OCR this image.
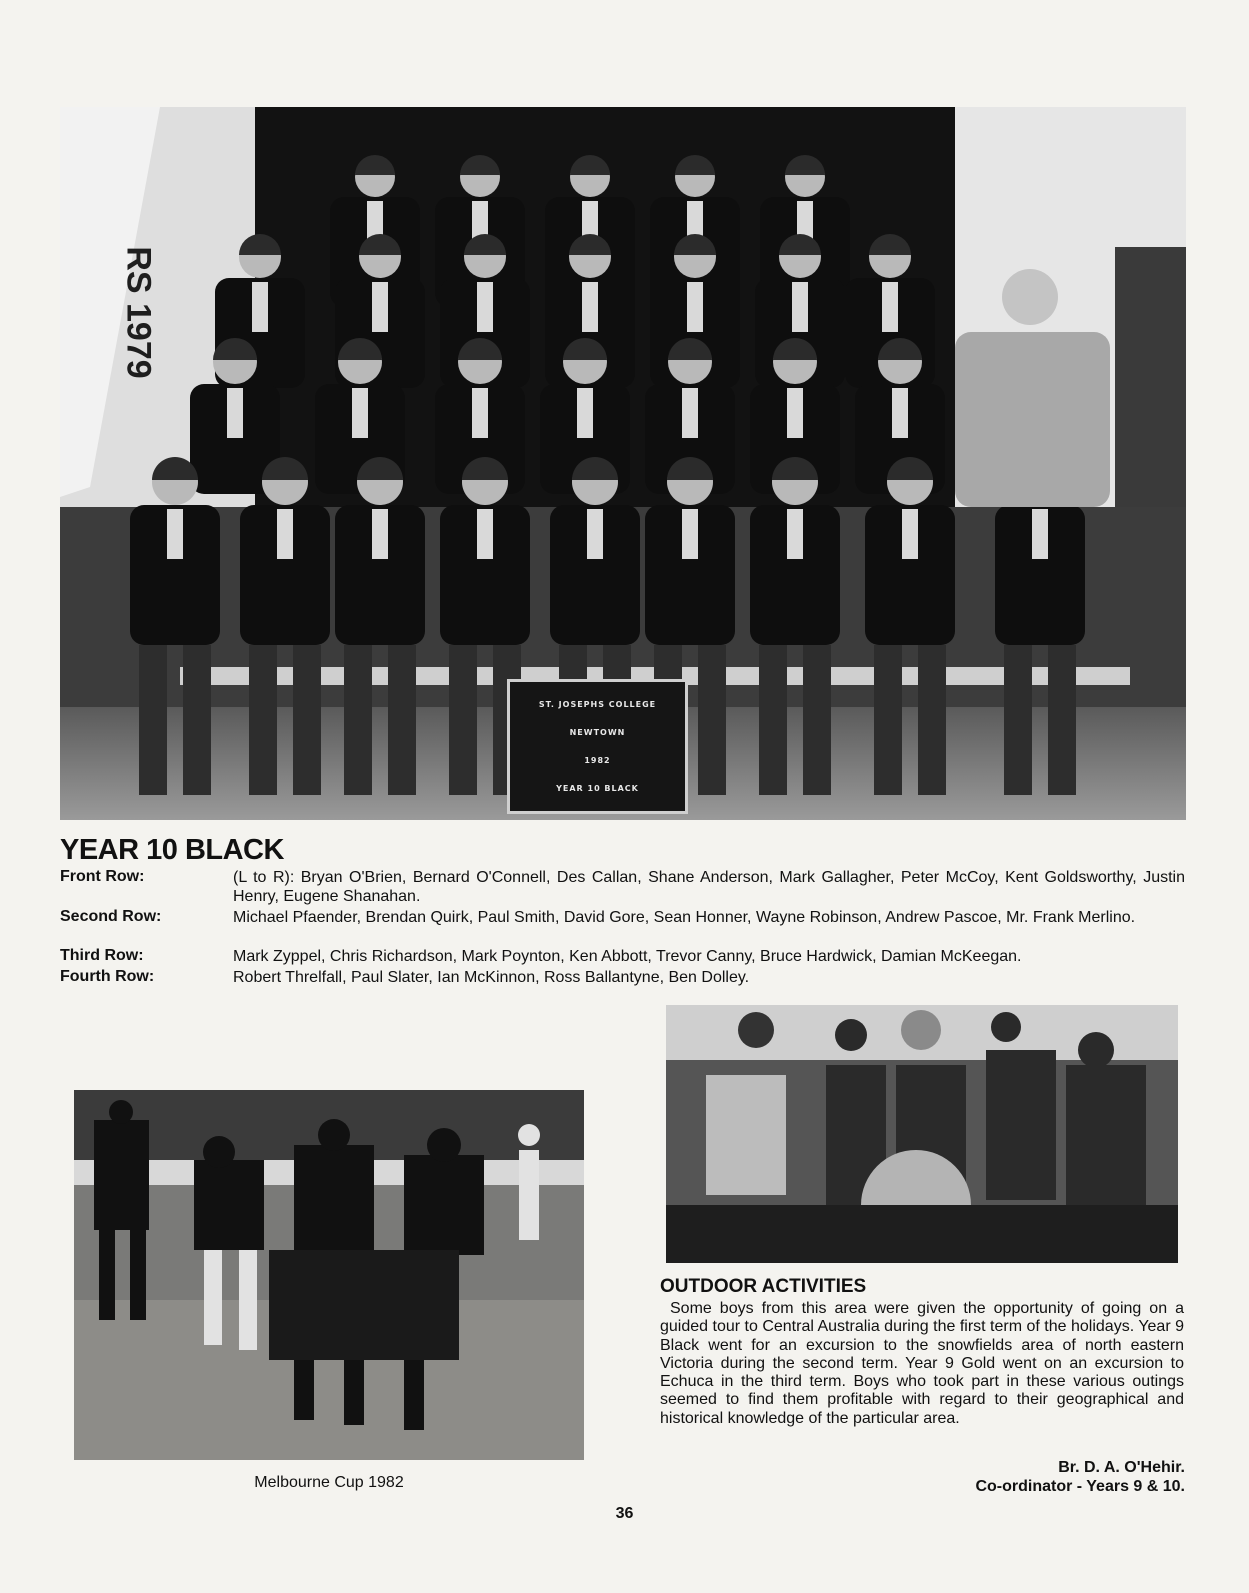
RS 1979
ST. JOSEPHS COLLEGE
NEWTOWN
1982
YEAR 10 BLACK
YEAR 10 BLACK
Front Row:	(L to R): Bryan O'Brien, Bernard O'Connell, Des Callan, Shane Anderson, Mark Gallagher, Peter McCoy, Kent Goldsworthy, Justin Henry, Eugene Shanahan.
Second Row:	Michael Pfaender, Brendan Quirk, Paul Smith, David Gore, Sean Honner, Wayne Robinson, Andrew Pascoe, Mr. Frank Merlino.
Third Row:	Mark Zyppel, Chris Richardson, Mark Poynton, Ken Abbott, Trevor Canny, Bruce Hardwick, Damian McKeegan.
Fourth Row:	Robert Threlfall, Paul Slater, Ian McKinnon, Ross Ballantyne, Ben Dolley.
Melbourne Cup 1982
OUTDOOR ACTIVITIES
Some boys from this area were given the opportunity of going on a guided tour to Central Australia during the first term of the holidays. Year 9 Black went for an excursion to the snowfields area of north eastern Victoria during the second term. Year 9 Gold went on an excursion to Echuca in the third term. Boys who took part in these various outings seemed to find them profitable with regard to their geographical and historical knowledge of the particular area.
Br. D. A. O'Hehir.
Co-ordinator - Years 9 & 10.
36
